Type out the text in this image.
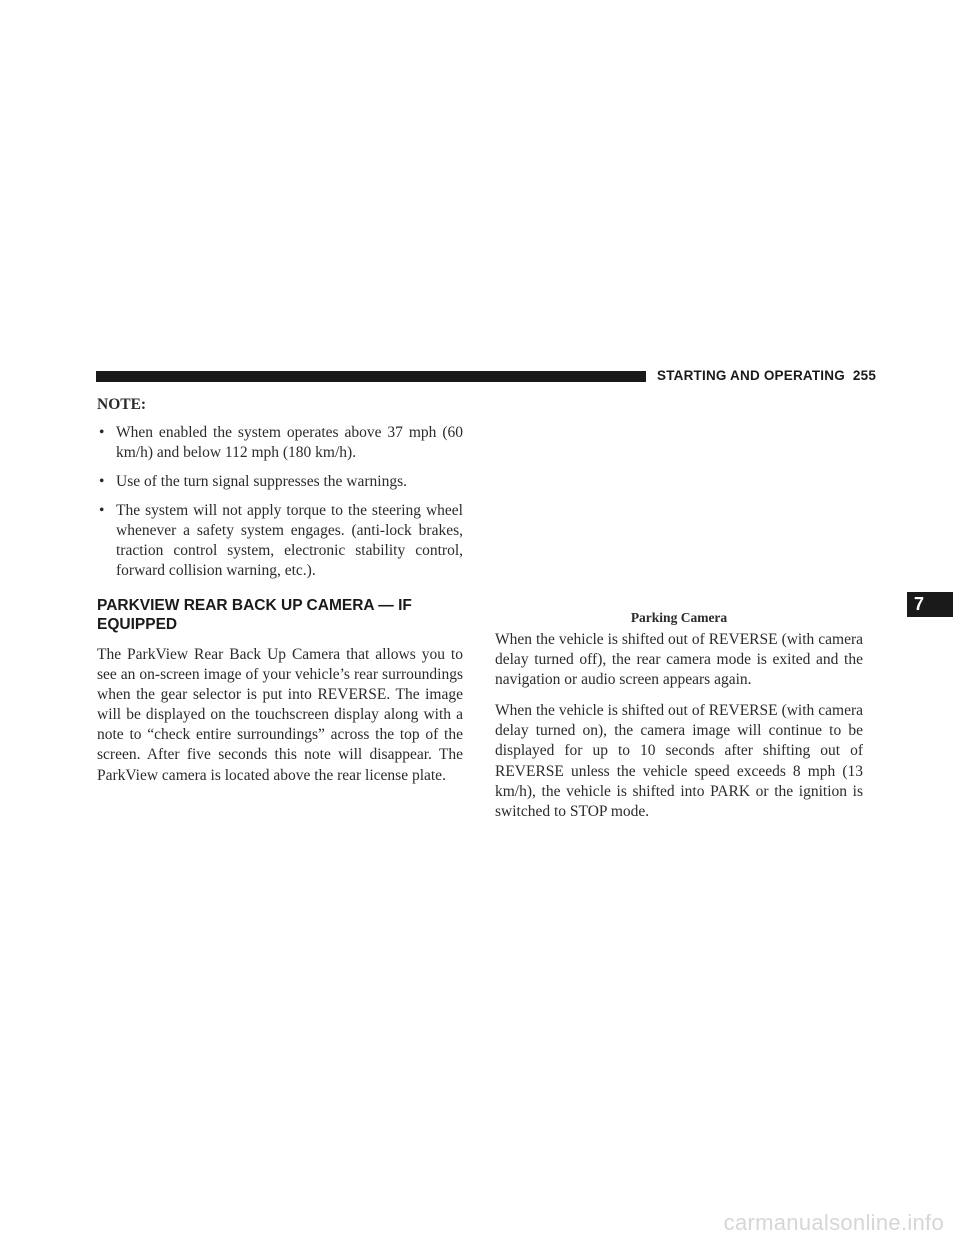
STARTING AND OPERATING 255
NOTE:
• When enabled the system operates above 37 mph (60 km/h) and below 112 mph (180 km/h).
• Use of the turn signal suppresses the warnings.
• The system will not apply torque to the steering wheel whenever a safety system engages. (anti-lock brakes, traction control system, electronic stability control, forward collision warning, etc.).
PARKVIEW REAR BACK UP CAMERA — IF EQUIPPED

The ParkView Rear Back Up Camera that allows you to see an on-screen image of your vehicle’s rear surroundings when the gear selector is put into REVERSE. The image will be displayed on the touchscreen display along with a note to “check entire surroundings” across the top of the screen. After five seconds this note will disappear. The ParkView camera is located above the rear license plate.

Parking Camera

When the vehicle is shifted out of REVERSE (with camera delay turned off), the rear camera mode is exited and the navigation or audio screen appears again.

When the vehicle is shifted out of REVERSE (with camera delay turned on), the camera image will continue to be displayed for up to 10 seconds after shifting out of REVERSE unless the vehicle speed exceeds 8 mph (13 km/h), the vehicle is shifted into PARK or the ignition is switched to STOP mode.

7
carmanualsonline.info
